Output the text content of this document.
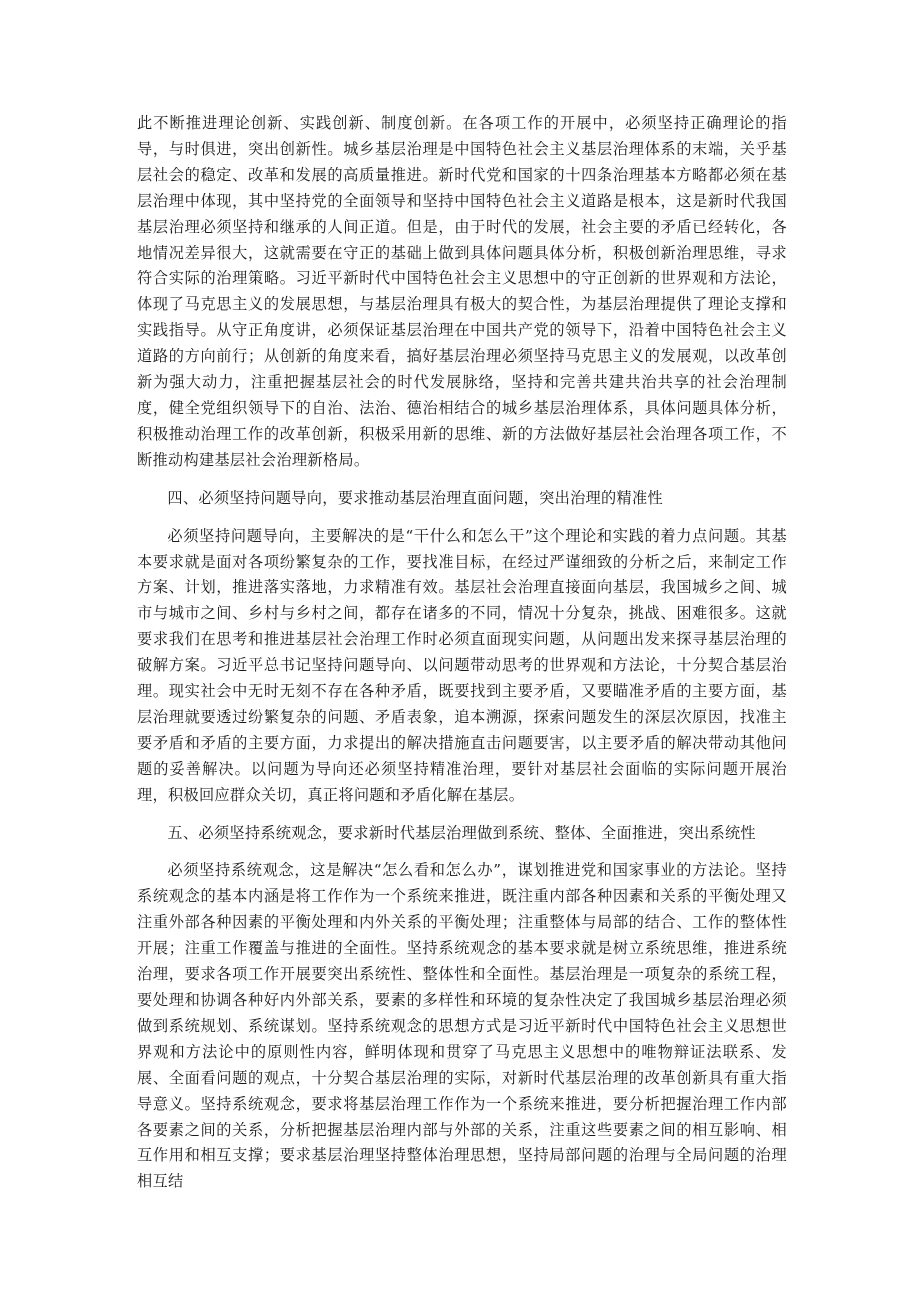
此不断推进理论创新、实践创新、制度创新。在各项工作的开展中，必须坚持正确理论的指导，与时俱进，突出创新性。城乡基层治理是中国特色社会主义基层治理体系的末端，关乎基层社会的稳定、改革和发展的高质量推进。新时代党和国家的十四条治理基本方略都必须在基层治理中体现，其中坚持党的全面领导和坚持中国特色社会主义道路是根本，这是新时代我国基层治理必须坚持和继承的人间正道。但是，由于时代的发展，社会主要的矛盾已经转化，各地情况差异很大，这就需要在守正的基础上做到具体问题具体分析，积极创新治理思维，寻求符合实际的治理策略。习近平新时代中国特色社会主义思想中的守正创新的世界观和方法论，体现了马克思主义的发展思想，与基层治理具有极大的契合性，为基层治理提供了理论支撑和实践指导。从守正角度讲，必须保证基层治理在中国共产党的领导下，沿着中国特色社会主义道路的方向前行；从创新的角度来看，搞好基层治理必须坚持马克思主义的发展观，以改革创新为强大动力，注重把握基层社会的时代发展脉络，坚持和完善共建共治共享的社会治理制度，健全党组织领导下的自治、法治、德治相结合的城乡基层治理体系，具体问题具体分析，积极推动治理工作的改革创新，积极采用新的思维、新的方法做好基层社会治理各项工作，不断推动构建基层社会治理新格局。

四、必须坚持问题导向，要求推动基层治理直面问题，突出治理的精准性

必须坚持问题导向，主要解决的是“干什么和怎么干”这个理论和实践的着力点问题。其基本要求就是面对各项纷繁复杂的工作，要找准目标，在经过严谨细致的分析之后，来制定工作方案、计划，推进落实落地，力求精准有效。基层社会治理直接面向基层，我国城乡之间、城市与城市之间、乡村与乡村之间，都存在诸多的不同，情况十分复杂，挑战、困难很多。这就要求我们在思考和推进基层社会治理工作时必须直面现实问题，从问题出发来探寻基层治理的破解方案。习近平总书记坚持问题导向、以问题带动思考的世界观和方法论，十分契合基层治理。现实社会中无时无刻不存在各种矛盾，既要找到主要矛盾，又要瞄准矛盾的主要方面，基层治理就要透过纷繁复杂的问题、矛盾表象，追本溯源，探索问题发生的深层次原因，找准主要矛盾和矛盾的主要方面，力求提出的解决措施直击问题要害，以主要矛盾的解决带动其他问题的妥善解决。以问题为导向还必须坚持精准治理，要针对基层社会面临的实际问题开展治理，积极回应群众关切，真正将问题和矛盾化解在基层。

五、必须坚持系统观念，要求新时代基层治理做到系统、整体、全面推进，突出系统性

必须坚持系统观念，这是解决“怎么看和怎么办”，谋划推进党和国家事业的方法论。坚持系统观念的基本内涵是将工作作为一个系统来推进，既注重内部各种因素和关系的平衡处理又注重外部各种因素的平衡处理和内外关系的平衡处理；注重整体与局部的结合、工作的整体性开展；注重工作覆盖与推进的全面性。坚持系统观念的基本要求就是树立系统思维，推进系统治理，要求各项工作开展要突出系统性、整体性和全面性。基层治理是一项复杂的系统工程，要处理和协调各种好内外部关系，要素的多样性和环境的复杂性决定了我国城乡基层治理必须做到系统规划、系统谋划。坚持系统观念的思想方式是习近平新时代中国特色社会主义思想世界观和方法论中的原则性内容，鲜明体现和贯穿了马克思主义思想中的唯物辩证法联系、发展、全面看问题的观点，十分契合基层治理的实际，对新时代基层治理的改革创新具有重大指导意义。坚持系统观念，要求将基层治理工作作为一个系统来推进，要分析把握治理工作内部各要素之间的关系，分析把握基层治理内部与外部的关系，注重这些要素之间的相互影响、相互作用和相互支撑；要求基层治理坚持整体治理思想，坚持局部问题的治理与全局问题的治理相互结
